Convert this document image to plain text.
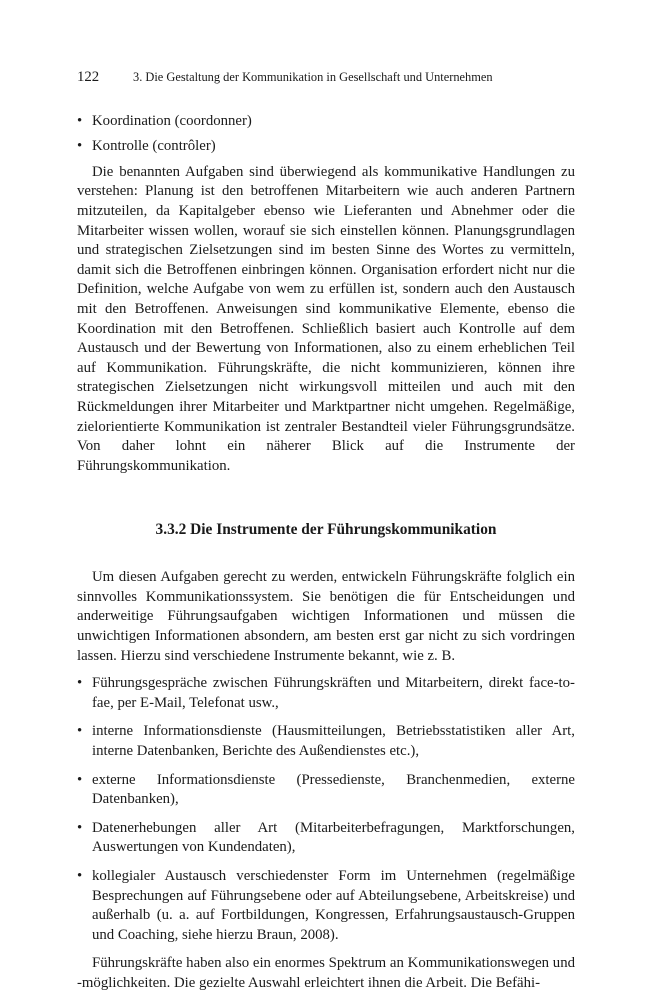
122	3. Die Gestaltung der Kommunikation in Gesellschaft und Unternehmen
• Koordination (coordonner)
• Kontrolle (contrôler)

Die benannten Aufgaben sind überwiegend als kommunikative Handlungen zu verstehen: Planung ist den betroffenen Mitarbeitern wie auch anderen Partnern mitzuteilen, da Kapitalgeber ebenso wie Lieferanten und Abnehmer oder die Mitarbeiter wissen wollen, worauf sie sich einstellen können. Planungsgrundlagen und strategischen Zielsetzungen sind im besten Sinne des Wortes zu vermitteln, damit sich die Betroffenen einbringen können. Organisation erfordert nicht nur die Definition, welche Aufgabe von wem zu erfüllen ist, sondern auch den Austausch mit den Betroffenen. Anweisungen sind kommunikative Elemente, ebenso die Koordination mit den Betroffenen. Schließlich basiert auch Kontrolle auf dem Austausch und der Bewertung von Informationen, also zu einem erheblichen Teil auf Kommunikation. Führungskräfte, die nicht kommunizieren, können ihre strategischen Zielsetzungen nicht wirkungsvoll mitteilen und auch mit den Rückmeldungen ihrer Mitarbeiter und Marktpartner nicht umgehen. Regelmäßige, zielorientierte Kommunikation ist zentraler Bestandteil vieler Führungsgrundsätze. Von daher lohnt ein näherer Blick auf die Instrumente der Führungskommunikation.

3.3.2 Die Instrumente der Führungskommunikation

Um diesen Aufgaben gerecht zu werden, entwickeln Führungskräfte folglich ein sinnvolles Kommunikationssystem. Sie benötigen die für Entscheidungen und anderweitige Führungsaufgaben wichtigen Informationen und müssen die unwichtigen Informationen absondern, am besten erst gar nicht zu sich vordringen lassen. Hierzu sind verschiedene Instrumente bekannt, wie z. B.

• Führungsgespräche zwischen Führungskräften und Mitarbeitern, direkt face-to-fae, per E-Mail, Telefonat usw.,
• interne Informationsdienste (Hausmitteilungen, Betriebsstatistiken aller Art, interne Datenbanken, Berichte des Außendienstes etc.),
• externe Informationsdienste (Pressedienste, Branchenmedien, externe Datenbanken),
• Datenerhebungen aller Art (Mitarbeiterbefragungen, Marktforschungen, Auswertungen von Kundendaten),
• kollegialer Austausch verschiedenster Form im Unternehmen (regelmäßige Besprechungen auf Führungsebene oder auf Abteilungsebene, Arbeitskreise) und außerhalb (u. a. auf Fortbildungen, Kongressen, Erfahrungsaustausch-Gruppen und Coaching, siehe hierzu Braun, 2008).

Führungskräfte haben also ein enormes Spektrum an Kommunikationswegen und -möglichkeiten. Die gezielte Auswahl erleichtert ihnen die Arbeit. Die Befähi-
